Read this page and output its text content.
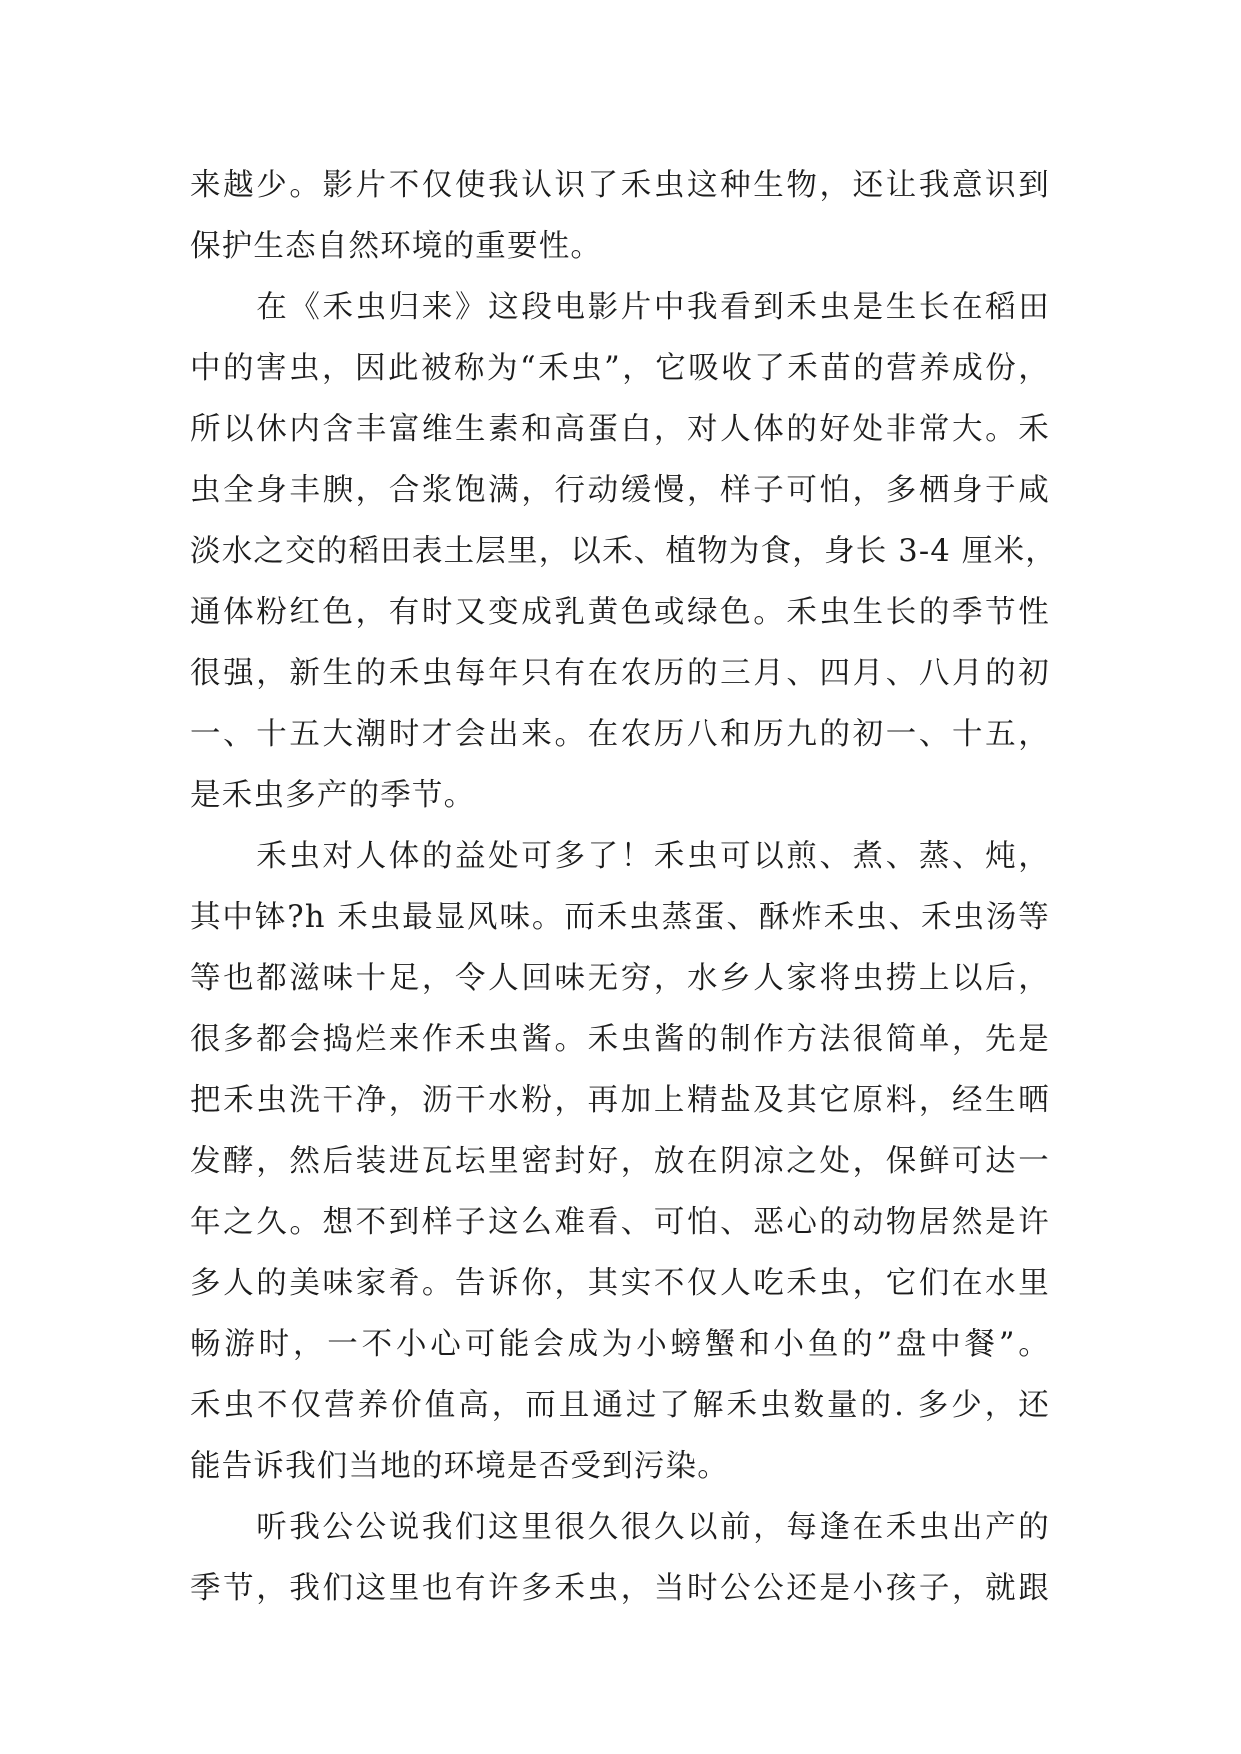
来越少。影片不仅使我认识了禾虫这种生物，还让我意识到
保护生态自然环境的重要性。
　　在《禾虫归来》这段电影片中我看到禾虫是生长在稻田
中的害虫，因此被称为“禾虫”，它吸收了禾苗的营养成份，
所以休内含丰富维生素和高蛋白，对人体的好处非常大。禾
虫全身丰腴，合浆饱满，行动缓慢，样子可怕，多栖身于咸
淡水之交的稻田表土层里，以禾、植物为食，身长 3-4 厘米，
通体粉红色，有时又变成乳黄色或绿色。禾虫生长的季节性
很强，新生的禾虫每年只有在农历的三月、四月、八月的初
一、十五大潮时才会出来。在农历八和历九的初一、十五，
是禾虫多产的季节。
　　禾虫对人体的益处可多了！禾虫可以煎、煮、蒸、炖，
其中钵?h 禾虫最显风味。而禾虫蒸蛋、酥炸禾虫、禾虫汤等
等也都滋味十足，令人回味无穷，水乡人家将虫捞上以后，
很多都会捣烂来作禾虫酱。禾虫酱的制作方法很简单，先是
把禾虫洗干净，沥干水粉，再加上精盐及其它原料，经生晒
发酵，然后装进瓦坛里密封好，放在阴凉之处，保鲜可达一
年之久。想不到样子这么难看、可怕、恶心的动物居然是许
多人的美味家肴。告诉你，其实不仅人吃禾虫，它们在水里
畅游时，一不小心可能会成为小螃蟹和小鱼的”盘中餐”。
禾虫不仅营养价值高，而且通过了解禾虫数量的. 多少，还
能告诉我们当地的环境是否受到污染。
　　听我公公说我们这里很久很久以前，每逢在禾虫出产的
季节，我们这里也有许多禾虫，当时公公还是小孩子，就跟
